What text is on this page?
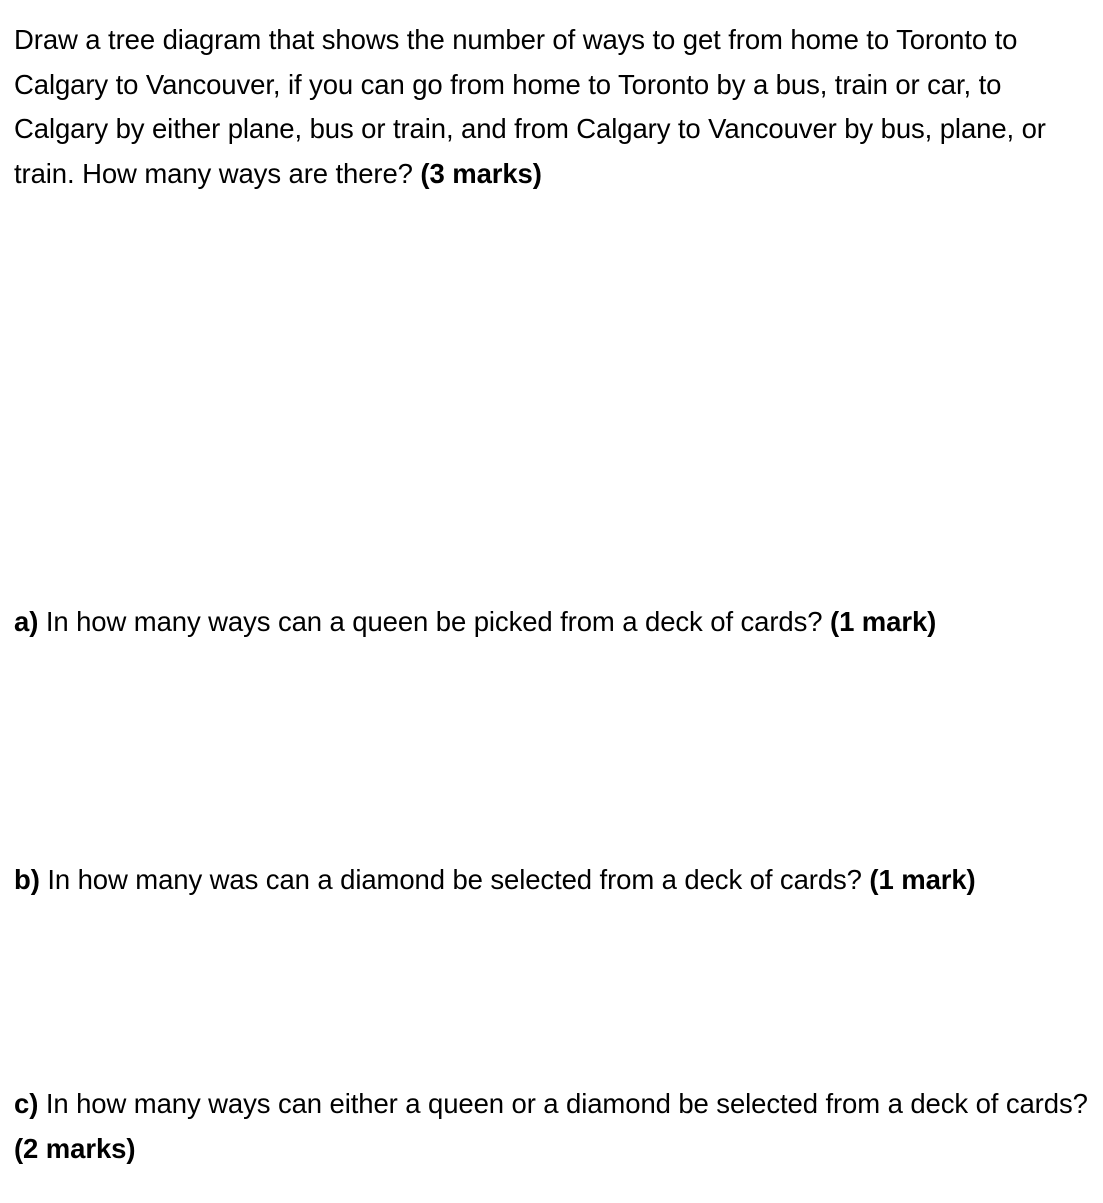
Draw a tree diagram that shows the number of ways to get from home to Toronto to Calgary to Vancouver, if you can go from home to Toronto by a bus, train or car, to Calgary by either plane, bus or train, and from Calgary to Vancouver by bus, plane, or train. How many ways are there? (3 marks)

a) In how many ways can a queen be picked from a deck of cards? (1 mark)

b) In how many was can a diamond be selected from a deck of cards? (1 mark)

c) In how many ways can either a queen or a diamond be selected from a deck of cards? (2 marks)
